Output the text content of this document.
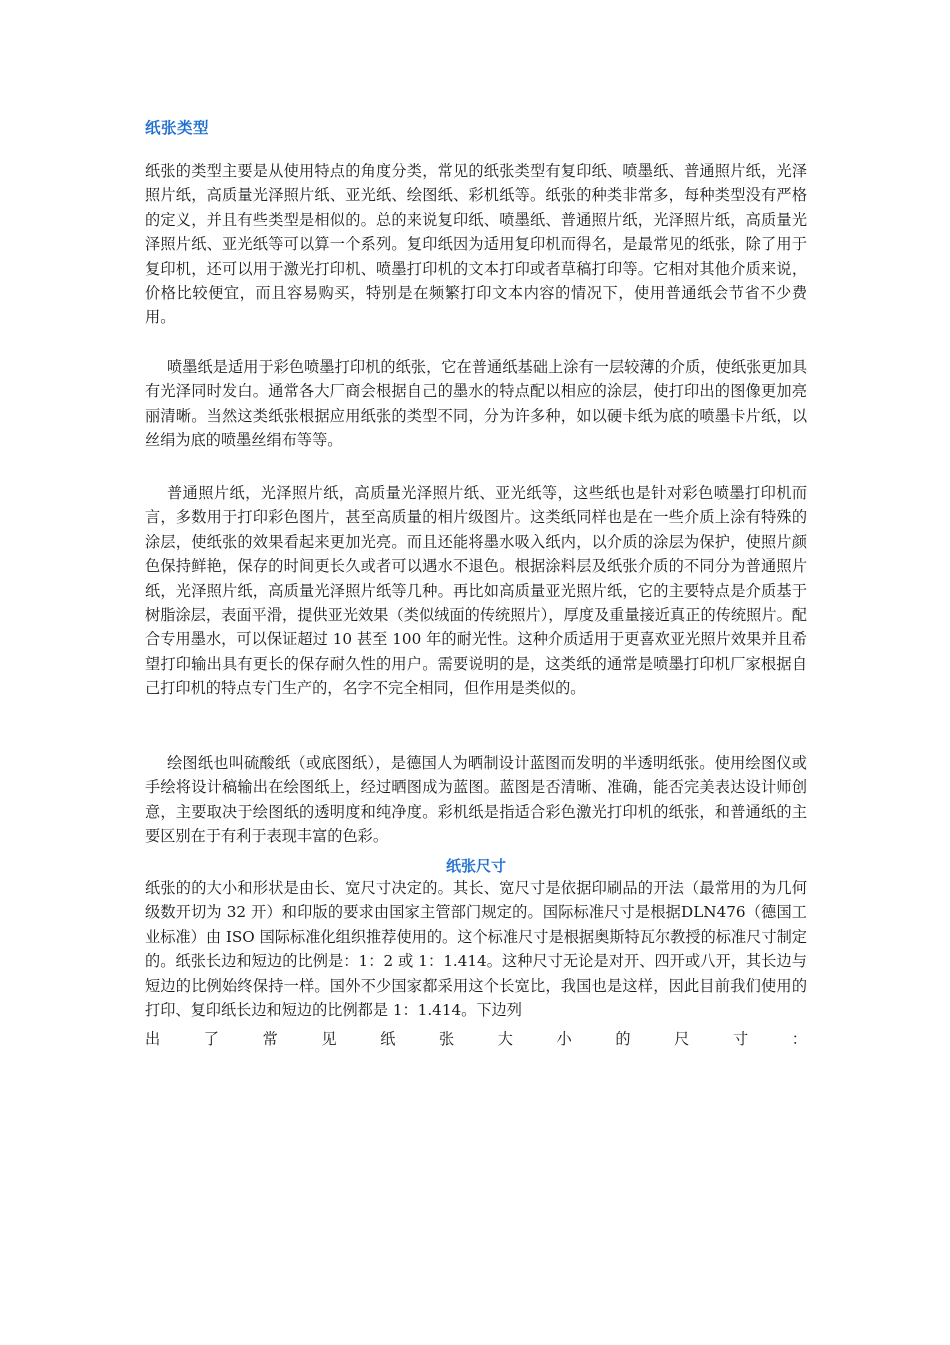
纸张类型

纸张的类型主要是从使用特点的角度分类，常见的纸张类型有复印纸、喷墨纸、普通照片纸，光泽照片纸，高质量光泽照片纸、亚光纸、绘图纸、彩机纸等。纸张的种类非常多，每种类型没有严格的定义，并且有些类型是相似的。总的来说复印纸、喷墨纸、普通照片纸，光泽照片纸，高质量光泽照片纸、亚光纸等可以算一个系列。复印纸因为适用复印机而得名，是最常见的纸张，除了用于复印机，还可以用于激光打印机、喷墨打印机的文本打印或者草稿打印等。它相对其他介质来说，价格比较便宜，而且容易购买，特别是在频繁打印文本内容的情况下，使用普通纸会节省不少费用。

喷墨纸是适用于彩色喷墨打印机的纸张，它在普通纸基础上涂有一层较薄的介质，使纸张更加具有光泽同时发白。通常各大厂商会根据自己的墨水的特点配以相应的涂层，使打印出的图像更加亮丽清晰。当然这类纸张根据应用纸张的类型不同，分为许多种，如以硬卡纸为底的喷墨卡片纸，以丝绢为底的喷墨丝绢布等等。

普通照片纸，光泽照片纸，高质量光泽照片纸、亚光纸等，这些纸也是针对彩色喷墨打印机而言，多数用于打印彩色图片，甚至高质量的相片级图片。这类纸同样也是在一些介质上涂有特殊的涂层，使纸张的效果看起来更加光亮。而且还能将墨水吸入纸内，以介质的涂层为保护，使照片颜色保持鲜艳，保存的时间更长久或者可以遇水不退色。根据涂料层及纸张介质的不同分为普通照片纸，光泽照片纸，高质量光泽照片纸等几种。再比如高质量亚光照片纸，它的主要特点是介质基于树脂涂层，表面平滑，提供亚光效果（类似绒面的传统照片），厚度及重量接近真正的传统照片。配合专用墨水，可以保证超过 10 甚至 100 年的耐光性。这种介质适用于更喜欢亚光照片效果并且希望打印输出具有更长的保存耐久性的用户。需要说明的是，这类纸的通常是喷墨打印机厂家根据自己打印机的特点专门生产的，名字不完全相同，但作用是类似的。

绘图纸也叫硫酸纸（或底图纸），是德国人为晒制设计蓝图而发明的半透明纸张。使用绘图仪或手绘将设计稿输出在绘图纸上，经过晒图成为蓝图。蓝图是否清晰、准确，能否完美表达设计师创意，主要取决于绘图纸的透明度和纯净度。彩机纸是指适合彩色激光打印机的纸张，和普通纸的主要区别在于有利于表现丰富的色彩。

纸张尺寸

纸张的的大小和形状是由长、宽尺寸决定的。其长、宽尺寸是依据印刷品的开法（最常用的为几何级数开切为 32 开）和印版的要求由国家主管部门规定的。国际标准尺寸是根据DLN476（德国工业标准）由 ISO 国际标准化组织推荐使用的。这个标准尺寸是根据奥斯特瓦尔教授的标准尺寸制定的。纸张长边和短边的比例是：1：2 或 1：1.414。这种尺寸无论是对开、四开或八开，其长边与短边的比例始终保持一样。国外不少国家都采用这个长宽比，我国也是这样，因此目前我们使用的打印、复印纸长边和短边的比例都是 1：1.414。下边列

出	了	常	见	纸	张	大	小	的	尺	寸	：
